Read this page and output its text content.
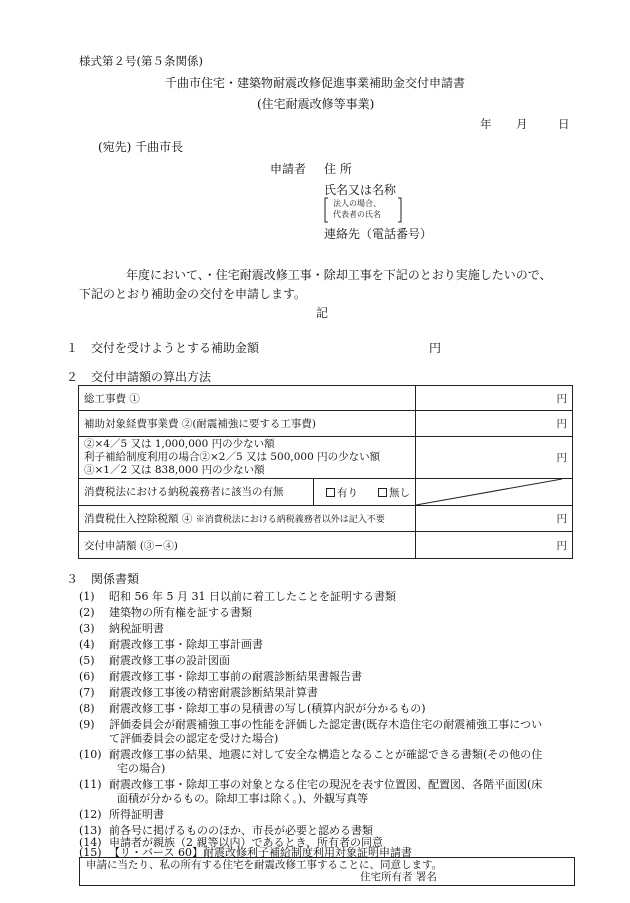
様式第２号(第５条関係)
千曲市住宅・建築物耐震改修促進事業補助金交付申請書
(住宅耐震改修等事業)
年 月	日
(宛先) 千曲市長
申請者 住 所
氏名又は名称
法人の場合、
代表者の氏名
連絡先（電話番号）
年度において、・住宅耐震改修工事・除却工事を下記のとおり実施したいので、
下記のとおり補助金の交付を申請します。
記
１ 交付を受けようとする補助金額	円
２ 交付申請額の算出方法
総工事費 ①	円
補助対象経費事業費 ②(耐震補強に要する工事費)	円

②×4／5 又は 1,000,000 円の少ない額
利子補給制度利用の場合②×2／5 又は 500,000 円の少ない額
③×1／2 又は 838,000 円の少ない額	円

消費税法における納税義務者に該当の有無 有り 無し

消費税仕入控除税額 ④ ※消費税法における納税義務者以外は記入不要	円
交付申請額 (③−④)	円
３ 関係書類
(1) 昭和 56 年 5 月 31 日以前に着工したことを証明する書類
(2) 建築物の所有権を証する書類
(3) 納税証明書
(4) 耐震改修工事・除却工事計画書
(5) 耐震改修工事の設計図面
(6) 耐震改修工事・除却工事前の耐震診断結果書報告書
(7) 耐震改修工事後の精密耐震診断結果計算書
(8) 耐震改修工事・除却工事の見積書の写し(積算内訳が分かるもの)
(9) 評価委員会が耐震補強工事の性能を評価した認定書(既存木造住宅の耐震補強工事につい
て評価委員会の認定を受けた場合)
(10) 耐震改修工事の結果、地震に対して安全な構造となることが確認できる書類(その他の住
宅の場合)
(11) 耐震改修工事・除却工事の対象となる住宅の現況を表す位置図、配置図、各階平面図(床
面積が分かるもの。除却工事は除く。)、外観写真等
(12) 所得証明書
(13) 前各号に掲げるもののほか、市長が必要と認める書類
(14) 申請者が親族（2 親等以内）であるとき、所有者の同意
(15) 【リ・バース 60】耐震改修利子補給制度利用対象証明申請書
申請に当たり、私の所有する住宅を耐震改修工事することに、同意します。
住宅所有者 署名
